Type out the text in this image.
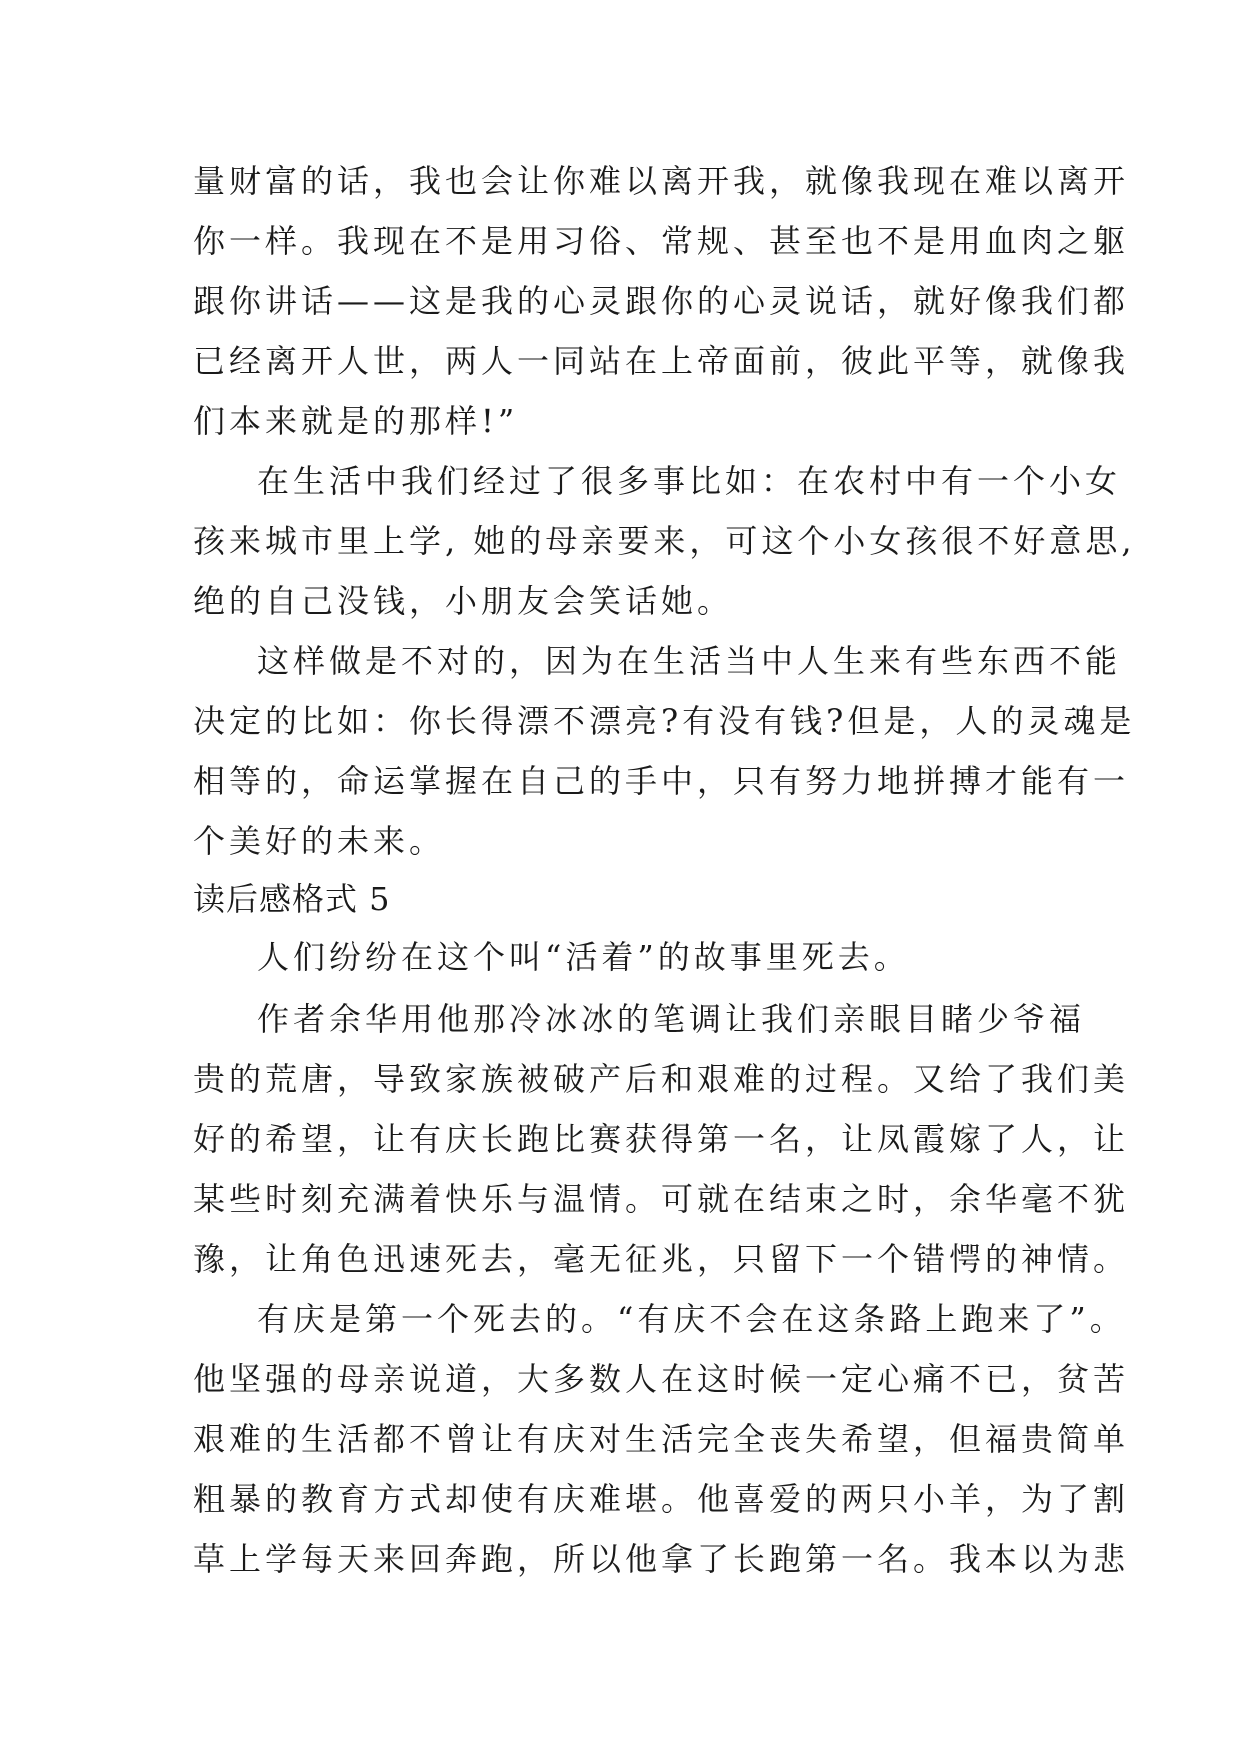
量财富的话，我也会让你难以离开我，就像我现在难以离开
你一样。我现在不是用习俗、常规、甚至也不是用血肉之躯
跟你讲话——这是我的心灵跟你的心灵说话，就好像我们都
已经离开人世，两人一同站在上帝面前，彼此平等，就像我
们本来就是的那样!”
在生活中我们经过了很多事比如：在农村中有一个小女
孩来城市里上学, 她的母亲要来，可这个小女孩很不好意思,
绝的自己没钱，小朋友会笑话她。
这样做是不对的，因为在生活当中人生来有些东西不能
决定的比如：你长得漂不漂亮?有没有钱?但是，人的灵魂是
相等的，命运掌握在自己的手中，只有努力地拼搏才能有一
个美好的未来。
读后感格式 5
人们纷纷在这个叫“活着”的故事里死去。
作者余华用他那冷冰冰的笔调让我们亲眼目睹少爷福
贵的荒唐，导致家族被破产后和艰难的过程。又给了我们美
好的希望，让有庆长跑比赛获得第一名，让凤霞嫁了人，让
某些时刻充满着快乐与温情。可就在结束之时，余华毫不犹
豫，让角色迅速死去，毫无征兆，只留下一个错愕的神情。
有庆是第一个死去的。“有庆不会在这条路上跑来了”。
他坚强的母亲说道，大多数人在这时候一定心痛不已，贫苦
艰难的生活都不曾让有庆对生活完全丧失希望，但福贵简单
粗暴的教育方式却使有庆难堪。他喜爱的两只小羊，为了割
草上学每天来回奔跑，所以他拿了长跑第一名。我本以为悲
